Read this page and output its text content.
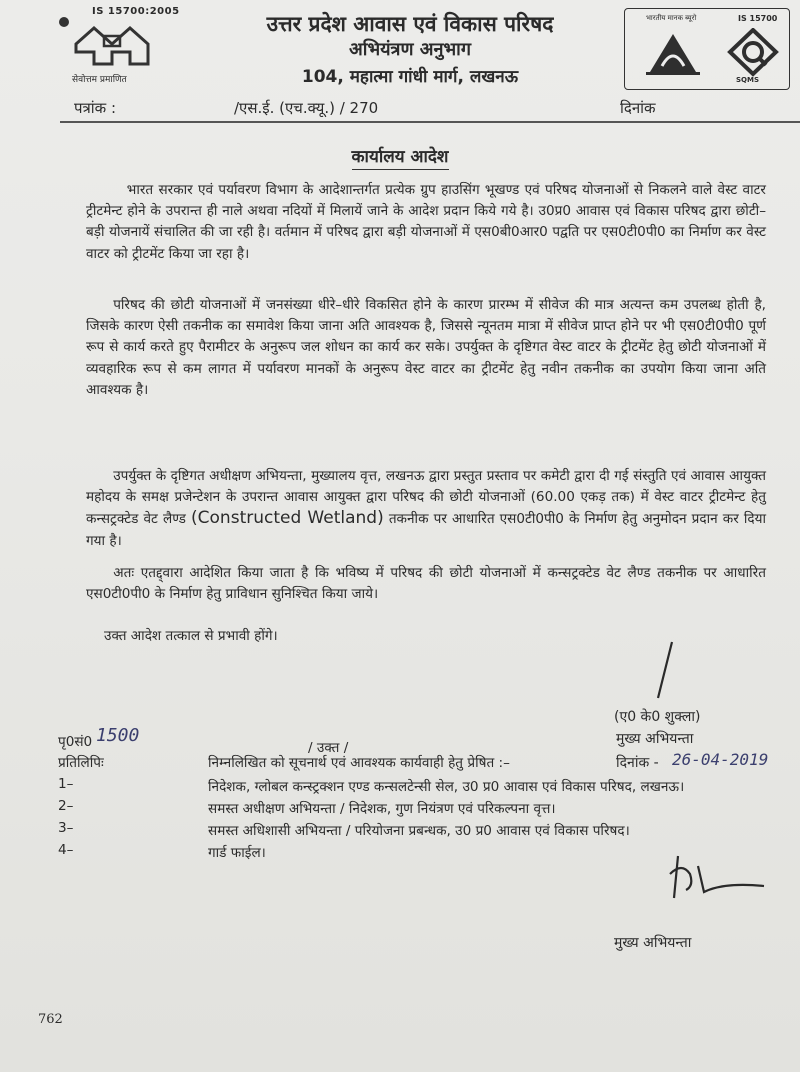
IS 15700:2005
सेवोत्तम प्रमाणित
उत्तर प्रदेश आवास एवं विकास परिषद
अभियंत्रण अनुभाग
104, महात्मा गांधी मार्ग, लखनऊ
भारतीय मानक ब्यूरो	IS 15700
SQMS
पत्रांक :	/एस.ई. (एच.क्यू.) / 270	दिनांक
कार्यालय आदेश
   भारत सरकार एवं पर्यावरण विभाग के आदेशान्तर्गत प्रत्येक ग्रुप हाउसिंग भूखण्ड एवं परिषद योजनाओं से निकलने वाले वेस्ट वाटर ट्रीटमेन्ट होने के उपरान्त ही नाले अथवा नदियों में मिलायें जाने के आदेश प्रदान किये गये है। उ0प्र0 आवास एवं विकास परिषद द्वारा छोटी–बड़ी योजनायें संचालित की जा रही है। वर्तमान में परिषद द्वारा बड़ी योजनाओं में एस0बी0आर0 पद्वति पर एस0टी0पी0 का निर्माण कर वेस्ट वाटर को ट्रीटमेंट किया जा रहा है।
  परिषद की छोटी योजनाओं में जनसंख्या धीरे–धीरे विकसित होने के कारण प्रारम्भ में सीवेज की मात्र अत्यन्त कम उपलब्ध होती है, जिसके कारण ऐसी तकनीक का समावेश किया जाना अति आवश्यक है, जिससे न्यूनतम मात्रा में सीवेज प्राप्त होने पर भी एस0टी0पी0 पूर्ण रूप से कार्य करते हुए पैरामीटर के अनुरूप जल शोधन का कार्य कर सके। उपर्युक्त के दृष्टिगत वेस्ट वाटर के ट्रीटमेंट हेतु छोटी योजनाओं में व्यवहारिक रूप से कम लागत में पर्यावरण मानकों के अनुरूप वेस्ट वाटर का ट्रीटमेंट हेतु नवीन तकनीक का उपयोग किया जाना अति आवश्यक है।
  उपर्युक्त के दृष्टिगत अधीक्षण अभियन्ता, मुख्यालय वृत्त, लखनऊ द्वारा प्रस्तुत प्रस्ताव पर कमेटी द्वारा दी गई संस्तुति एवं आवास आयुक्त महोदय के समक्ष प्रजेन्टेशन के उपरान्त आवास आयुक्त द्वारा परिषद की छोटी योजनाओं (60.00 एकड़ तक) में वेस्ट वाटर ट्रीटमेन्ट हेतु कन्सट्रक्टेड वेट लैण्ड (Constructed Wetland) तकनीक पर आधारित एस0टी0पी0 के निर्माण हेतु अनुमोदन प्रदान कर दिया गया है।
  अतः एतद्द्वारा आदेशित किया जाता है कि भविष्य में परिषद की छोटी योजनाओं में कन्सट्रक्टेड वेट लैण्ड तकनीक पर आधारित एस0टी0पी0 के निर्माण हेतु प्राविधान सुनिश्चित किया जाये।
उक्त आदेश तत्काल से प्रभावी होंगे।
(ए0 के0 शुक्ला)
मुख्य अभियन्ता
दिनांक - 26-04-2019
पृ0सं0 1500
/ उक्त /
प्रतिलिपिः	निम्नलिखित को सूचनार्थ एवं आवश्यक कार्यवाही हेतु प्रेषित :–
1–	निदेशक, ग्लोबल कन्स्ट्रक्शन एण्ड कन्सलटेन्सी सेल, उ0 प्र0 आवास एवं विकास परिषद, लखनऊ।
2–	समस्त अधीक्षण अभियन्ता / निदेशक, गुण नियंत्रण एवं परिकल्पना वृत्त।
3–	समस्त अधिशासी अभियन्ता / परियोजना प्रबन्धक, उ0 प्र0 आवास एवं विकास परिषद।
4–	गार्ड फाईल।
मुख्य अभियन्ता
762
